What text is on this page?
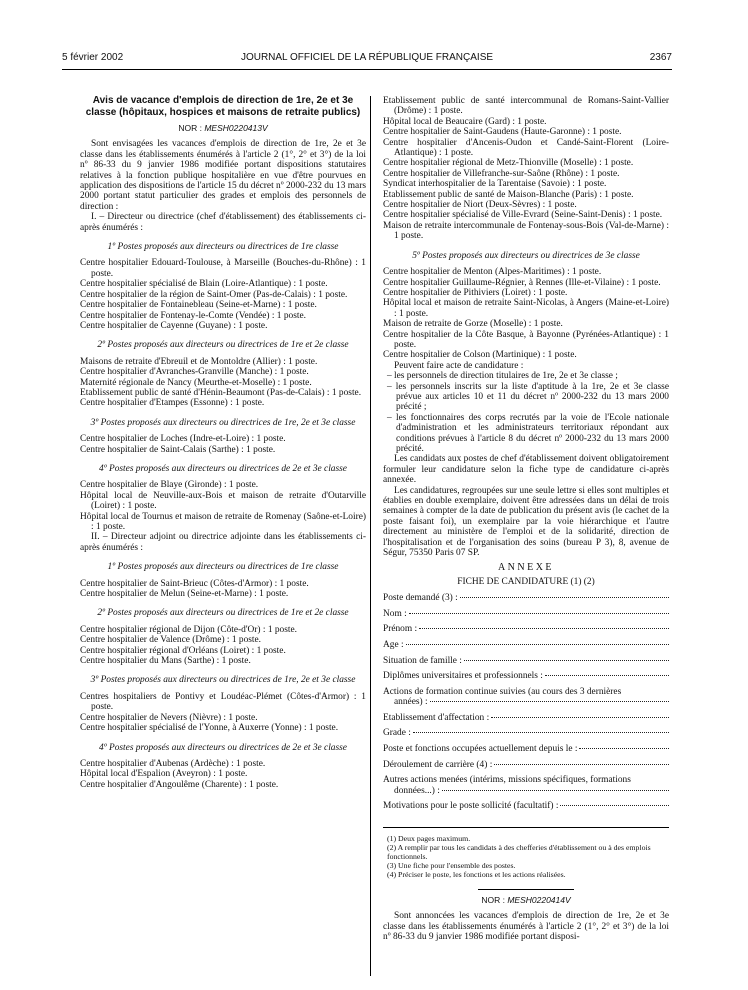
5 février 2002	JOURNAL OFFICIEL DE LA RÉPUBLIQUE FRANÇAISE	2367

Avis de vacance d'emplois de direction de 1re, 2e et 3e classe (hôpitaux, hospices et maisons de retraite publics)

NOR : MESH0220413V

Sont envisagées les vacances d'emplois de direction de 1re, 2e et 3e classe dans les établissements énumérés à l'article 2 (1°, 2° et 3°) de la loi nº 86-33 du 9 janvier 1986 modifiée portant dispositions statutaires relatives à la fonction publique hospitalière en vue d'être pourvues en application des dispositions de l'article 15 du décret nº 2000-232 du 13 mars 2000 portant statut particulier des grades et emplois des personnels de direction :

I. – Directeur ou directrice (chef d'établissement) des établissements ci-après énumérés :

1º Postes proposés aux directeurs ou directrices de 1re classe

Centre hospitalier Edouard-Toulouse, à Marseille (Bouches-du-Rhône) : 1 poste.

Centre hospitalier spécialisé de Blain (Loire-Atlantique) : 1 poste.

Centre hospitalier de la région de Saint-Omer (Pas-de-Calais) : 1 poste.

Centre hospitalier de Fontainebleau (Seine-et-Marne) : 1 poste.

Centre hospitalier de Fontenay-le-Comte (Vendée) : 1 poste.

Centre hospitalier de Cayenne (Guyane) : 1 poste.

2º Postes proposés aux directeurs ou directrices de 1re et 2e classe

Maisons de retraite d'Ebreuil et de Montoldre (Allier) : 1 poste.

Centre hospitalier d'Avranches-Granville (Manche) : 1 poste.

Maternité régionale de Nancy (Meurthe-et-Moselle) : 1 poste.

Etablissement public de santé d'Hénin-Beaumont (Pas-de-Calais) : 1 poste.

Centre hospitalier d'Etampes (Essonne) : 1 poste.

3º Postes proposés aux directeurs ou directrices de 1re, 2e et 3e classe

Centre hospitalier de Loches (Indre-et-Loire) : 1 poste.

Centre hospitalier de Saint-Calais (Sarthe) : 1 poste.

4º Postes proposés aux directeurs ou directrices de 2e et 3e classe

Centre hospitalier de Blaye (Gironde) : 1 poste.

Hôpital local de Neuville-aux-Bois et maison de retraite d'Outarville (Loiret) : 1 poste.

Hôpital local de Tournus et maison de retraite de Romenay (Saône-et-Loire) : 1 poste.

II. – Directeur adjoint ou directrice adjointe dans les établissements ci-après énumérés :

1º Postes proposés aux directeurs ou directrices de 1re classe

Centre hospitalier de Saint-Brieuc (Côtes-d'Armor) : 1 poste.

Centre hospitalier de Melun (Seine-et-Marne) : 1 poste.

2º Postes proposés aux directeurs ou directrices de 1re et 2e classe

Centre hospitalier régional de Dijon (Côte-d'Or) : 1 poste.

Centre hospitalier de Valence (Drôme) : 1 poste.

Centre hospitalier régional d'Orléans (Loiret) : 1 poste.

Centre hospitalier du Mans (Sarthe) : 1 poste.

3º Postes proposés aux directeurs ou directrices de 1re, 2e et 3e classe

Centres hospitaliers de Pontivy et Loudéac-Plémet (Côtes-d'Armor) : 1 poste.

Centre hospitalier de Nevers (Nièvre) : 1 poste.

Centre hospitalier spécialisé de l'Yonne, à Auxerre (Yonne) : 1 poste.

4º Postes proposés aux directeurs ou directrices de 2e et 3e classe

Centre hospitalier d'Aubenas (Ardèche) : 1 poste.

Hôpital local d'Espalion (Aveyron) : 1 poste.

Centre hospitalier d'Angoulême (Charente) : 1 poste.

Etablissement public de santé intercommunal de Romans-Saint-Vallier (Drôme) : 1 poste.

Hôpital local de Beaucaire (Gard) : 1 poste.

Centre hospitalier de Saint-Gaudens (Haute-Garonne) : 1 poste.

Centre hospitalier d'Ancenis-Oudon et Candé-Saint-Florent (Loire-Atlantique) : 1 poste.

Centre hospitalier régional de Metz-Thionville (Moselle) : 1 poste.

Centre hospitalier de Villefranche-sur-Saône (Rhône) : 1 poste.

Syndicat interhospitalier de la Tarentaise (Savoie) : 1 poste.

Etablissement public de santé de Maison-Blanche (Paris) : 1 poste.

Centre hospitalier de Niort (Deux-Sèvres) : 1 poste.

Centre hospitalier spécialisé de Ville-Evrard (Seine-Saint-Denis) : 1 poste.

Maison de retraite intercommunale de Fontenay-sous-Bois (Val-de-Marne) : 1 poste.

5º Postes proposés aux directeurs ou directrices de 3e classe

Centre hospitalier de Menton (Alpes-Maritimes) : 1 poste.

Centre hospitalier Guillaume-Régnier, à Rennes (Ille-et-Vilaine) : 1 poste.

Centre hospitalier de Pithiviers (Loiret) : 1 poste.

Hôpital local et maison de retraite Saint-Nicolas, à Angers (Maine-et-Loire) : 1 poste.

Maison de retraite de Gorze (Moselle) : 1 poste.

Centre hospitalier de la Côte Basque, à Bayonne (Pyrénées-Atlantique) : 1 poste.

Centre hospitalier de Colson (Martinique) : 1 poste.

Peuvent faire acte de candidature :

– les personnels de direction titulaires de 1re, 2e et 3e classe ;

– les personnels inscrits sur la liste d'aptitude à la 1re, 2e et 3e classe prévue aux articles 10 et 11 du décret nº 2000-232 du 13 mars 2000 précité ;

– les fonctionnaires des corps recrutés par la voie de l'Ecole nationale d'administration et les administrateurs territoriaux répondant aux conditions prévues à l'article 8 du décret nº 2000-232 du 13 mars 2000 précité.

Les candidats aux postes de chef d'établissement doivent obligatoirement formuler leur candidature selon la fiche type de candidature ci-après annexée.

Les candidatures, regroupées sur une seule lettre si elles sont multiples et établies en double exemplaire, doivent être adressées dans un délai de trois semaines à compter de la date de publication du présent avis (le cachet de la poste faisant foi), un exemplaire par la voie hiérarchique et l'autre directement au ministère de l'emploi et de la solidarité, direction de l'hospitalisation et de l'organisation des soins (bureau P 3), 8, avenue de Ségur, 75350 Paris 07 SP.

ANNEXE

FICHE DE CANDIDATURE (1) (2)

Poste demandé (3) :
Nom :
Prénom :
Age :
Situation de famille :
Diplômes universitaires et professionnels :
Actions de formation continue suivies (au cours des 3 dernières
années) :
Etablissement d'affectation :
Grade :
Poste et fonctions occupées actuellement depuis le :
Déroulement de carrière (4) :
Autres actions menées (intérims, missions spécifiques, formations
données...) :
Motivations pour le poste sollicité (facultatif) :

(1) Deux pages maximum.

(2) A remplir par tous les candidats à des chefferies d'établissement ou à des emplois fonctionnels.

(3) Une fiche pour l'ensemble des postes.

(4) Préciser le poste, les fonctions et les actions réalisées.

NOR : MESH0220414V

Sont annoncées les vacances d'emplois de direction de 1re, 2e et 3e classe dans les établissements énumérés à l'article 2 (1°, 2° et 3°) de la loi nº 86-33 du 9 janvier 1986 modifiée portant disposi-
